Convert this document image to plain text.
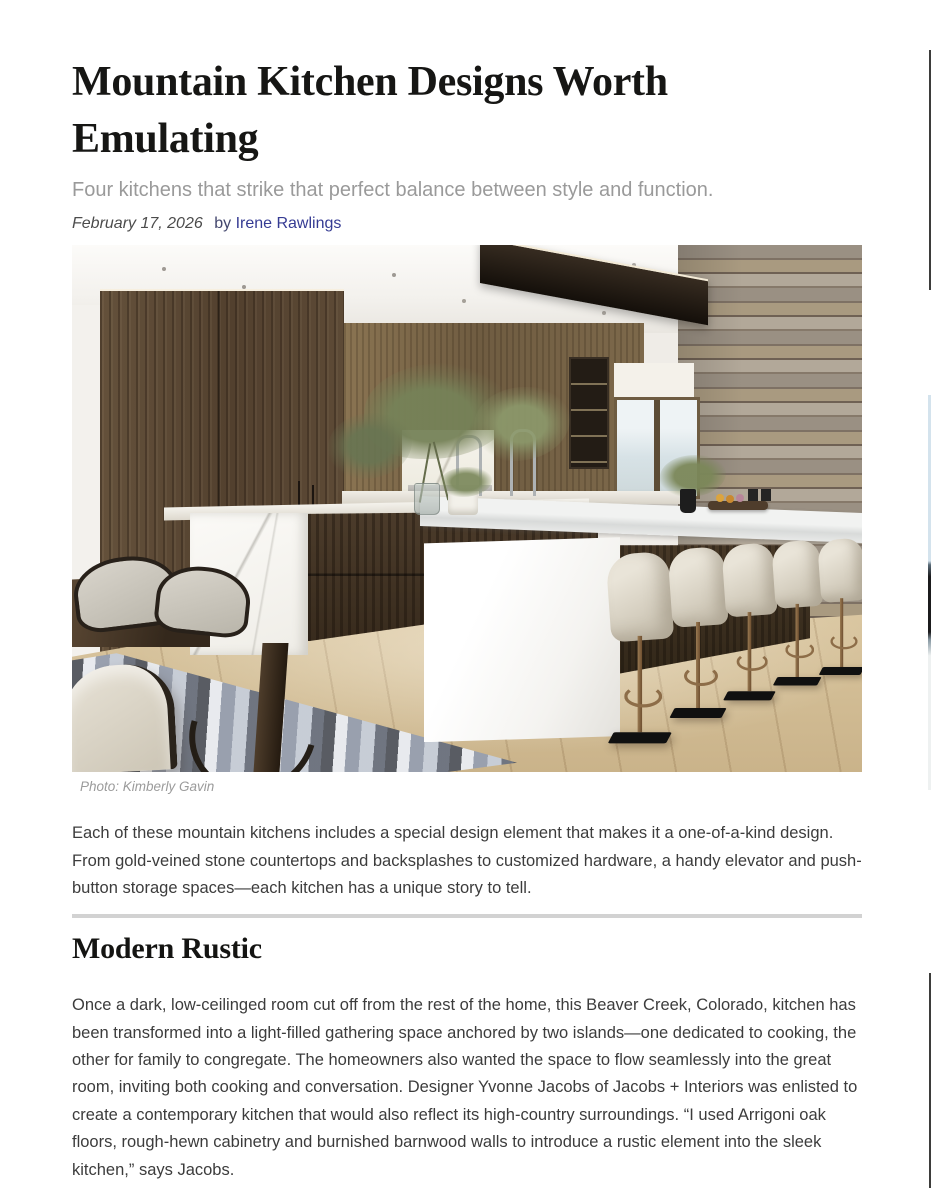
Mountain Kitchen Designs Worth Emulating

Four kitchens that strike that perfect balance between style and function.

February 17, 2026 by Irene Rawlings
Photo: Kimberly Gavin

Each of these mountain kitchens includes a special design element that makes it a one-of-a-kind design. From gold-veined stone countertops and backsplashes to customized hardware, a handy elevator and push-button storage spaces—each kitchen has a unique story to tell.

Modern Rustic

Once a dark, low-ceilinged room cut off from the rest of the home, this Beaver Creek, Colorado, kitchen has been transformed into a light-filled gathering space anchored by two islands—one dedicated to cooking, the other for family to congregate. The homeowners also wanted the space to flow seamlessly into the great room, inviting both cooking and conversation. Designer Yvonne Jacobs of Jacobs + Interiors was enlisted to create a contemporary kitchen that would also reflect its high-country surroundings. “I used Arrigoni oak floors, rough-hewn cabinetry and burnished barnwood walls to introduce a rustic element into the sleek kitchen,” says Jacobs.
